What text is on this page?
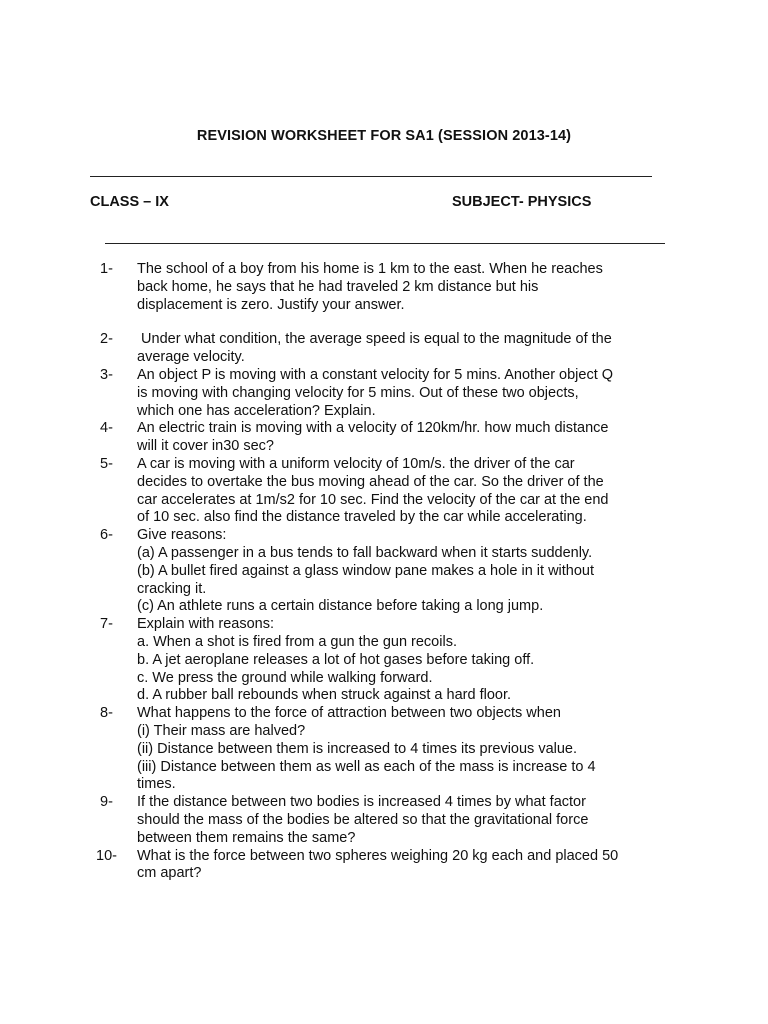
REVISION WORKSHEET FOR SA1 (SESSION 2013-14)
CLASS – IX	SUBJECT- PHYSICS
1- The school of a boy from his home is 1 km to the east. When he reaches
back home, he says that he had traveled 2 km distance but his
displacement is zero. Justify your answer.
2- Under what condition, the average speed is equal to the magnitude of the
average velocity.
3- An object P is moving with a constant velocity for 5 mins. Another object Q
is moving with changing velocity for 5 mins. Out of these two objects,
which one has acceleration? Explain.
4- An electric train is moving with a velocity of 120km/hr. how much distance
will it cover in30 sec?
5- A car is moving with a uniform velocity of 10m/s. the driver of the car
decides to overtake the bus moving ahead of the car. So the driver of the
car accelerates at 1m/s2 for 10 sec. Find the velocity of the car at the end
of 10 sec. also find the distance traveled by the car while accelerating.
6- Give reasons:
(a) A passenger in a bus tends to fall backward when it starts suddenly.
(b) A bullet fired against a glass window pane makes a hole in it without
cracking it.
(c) An athlete runs a certain distance before taking a long jump.
7- Explain with reasons:
a. When a shot is fired from a gun the gun recoils.
b. A jet aeroplane releases a lot of hot gases before taking off.
c. We press the ground while walking forward.
d. A rubber ball rebounds when struck against a hard floor.
8- What happens to the force of attraction between two objects when
(i) Their mass are halved?
(ii) Distance between them is increased to 4 times its previous value.
(iii) Distance between them as well as each of the mass is increase to 4
times.
9- If the distance between two bodies is increased 4 times by what factor
should the mass of the bodies be altered so that the gravitational force
between them remains the same?
10- What is the force between two spheres weighing 20 kg each and placed 50
cm apart?
